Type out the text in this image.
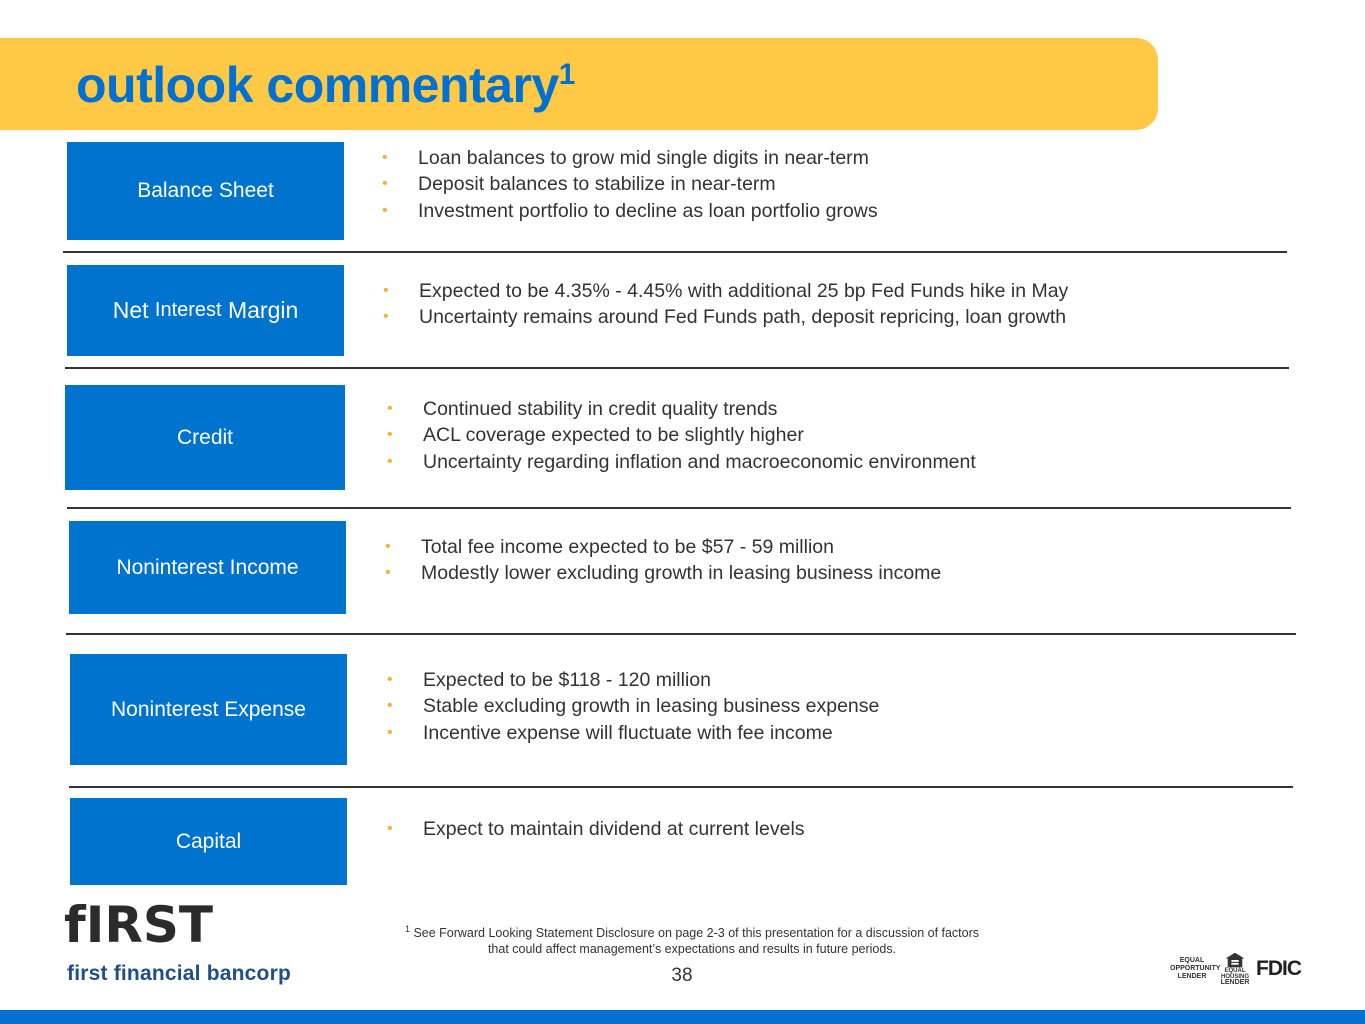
outlook commentary$^1$
Balance Sheet
• Loan balances to grow mid single digits in near-term
• Deposit balances to stabilize in near-term
• Investment portfolio to decline as loan portfolio grows
Net
Interest
Margin
• Expected to be 4.35% - 4.45% with additional 25 bp Fed Funds hike in May
• Uncertainty remains around Fed Funds path, deposit repricing, loan growth
Credit
• Continued stability in credit quality trends
• ACL coverage expected to be slightly higher
• Uncertainty regarding inflation and macroeconomic environment
Noninterest Income
• Total fee income expected to be $57 - 59 million
• Modestly lower excluding growth in leasing business income
Noninterest Expense
• Expected to be $118 - 120 million
• Stable excluding growth in leasing business expense
• Incentive expense will fluctuate with fee income
Capital
• Expect to maintain dividend at current levels
fIRST
first financial bancorp
$^1$ See Forward Looking Statement Disclosure on page 2-3 of this presentation for a discussion of factors
that could affect management’s expectations and results in future periods.
38
EQUAL
OPPORTUNITY
LENDER
EQUAL HOUSING
LENDER
FDIC
